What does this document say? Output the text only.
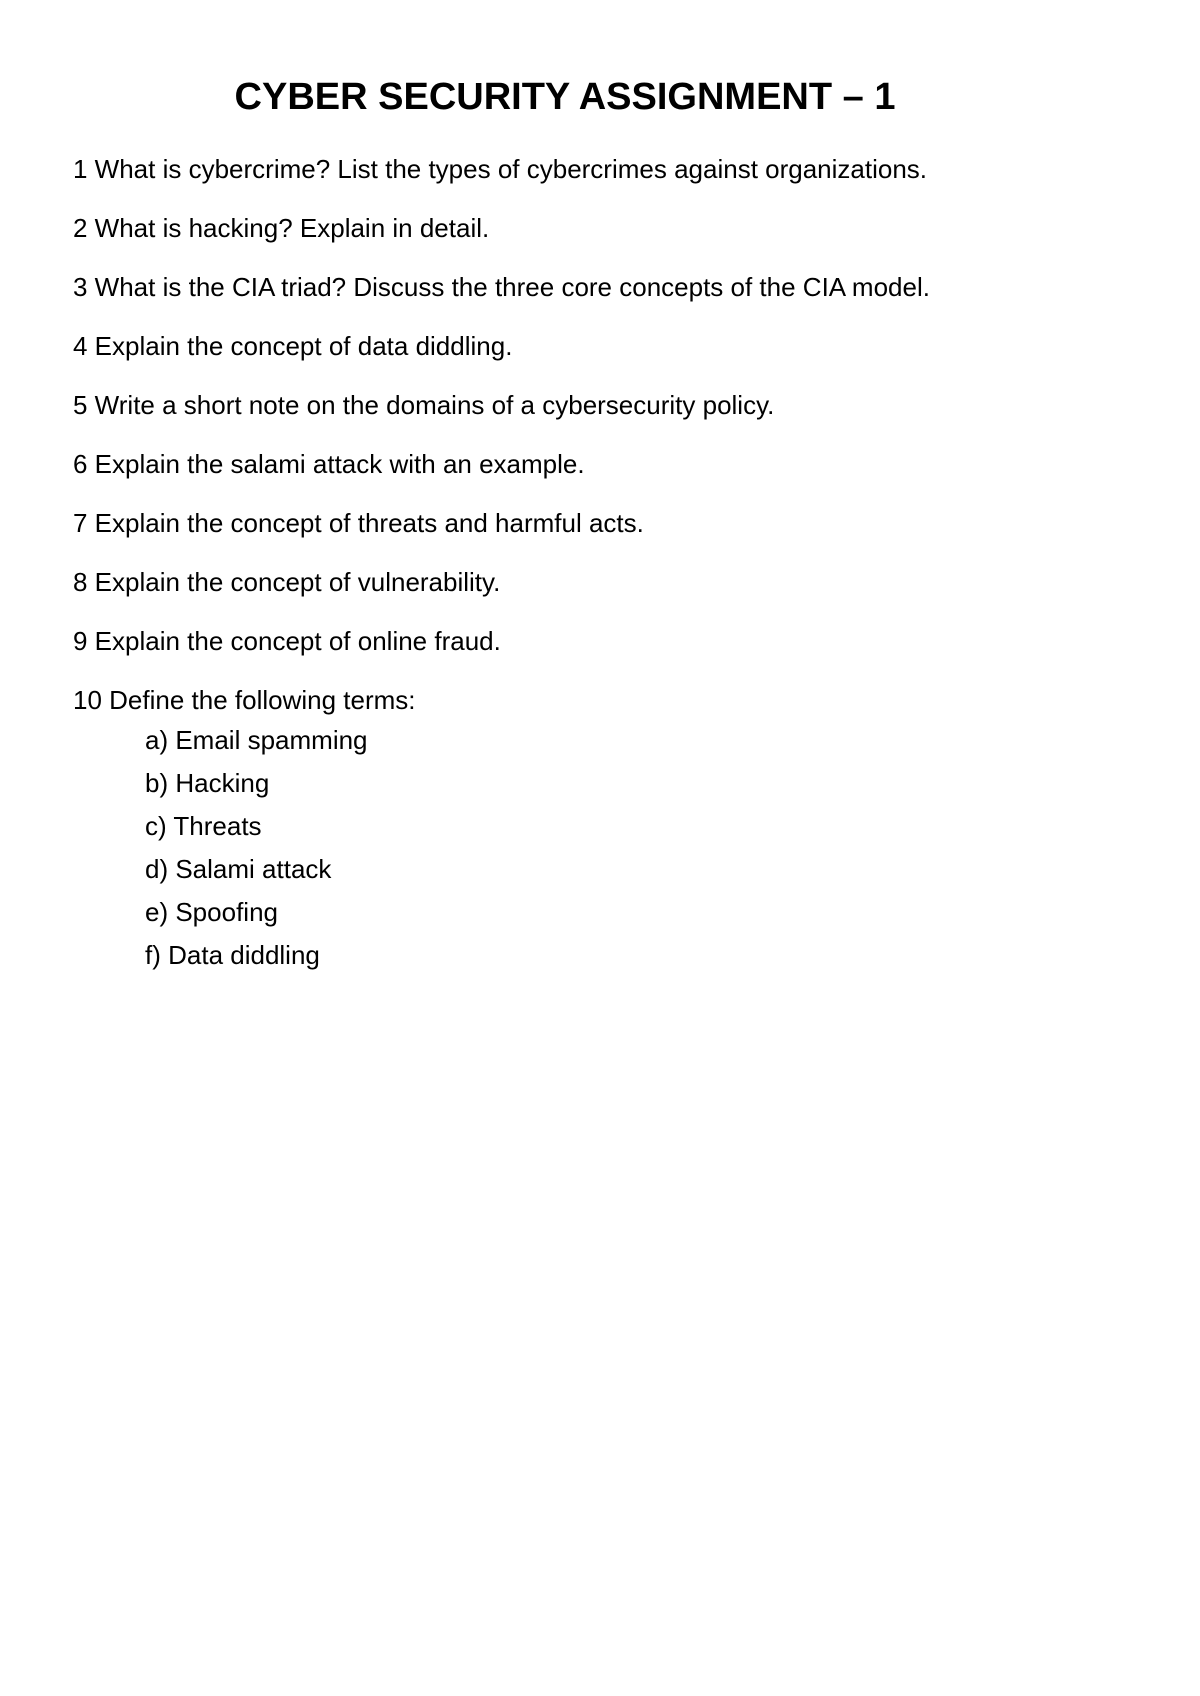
CYBER SECURITY ASSIGNMENT – 1
1 What is cybercrime? List the types of cybercrimes against organizations.
2 What is hacking? Explain in detail.
3 What is the CIA triad? Discuss the three core concepts of the CIA model.
4 Explain the concept of data diddling.
5 Write a short note on the domains of a cybersecurity policy.
6 Explain the salami attack with an example.
7 Explain the concept of threats and harmful acts.
8 Explain the concept of vulnerability.
9 Explain the concept of online fraud.
10 Define the following terms:
a) Email spamming
b) Hacking
c) Threats
d) Salami attack
e) Spoofing
f) Data diddling
